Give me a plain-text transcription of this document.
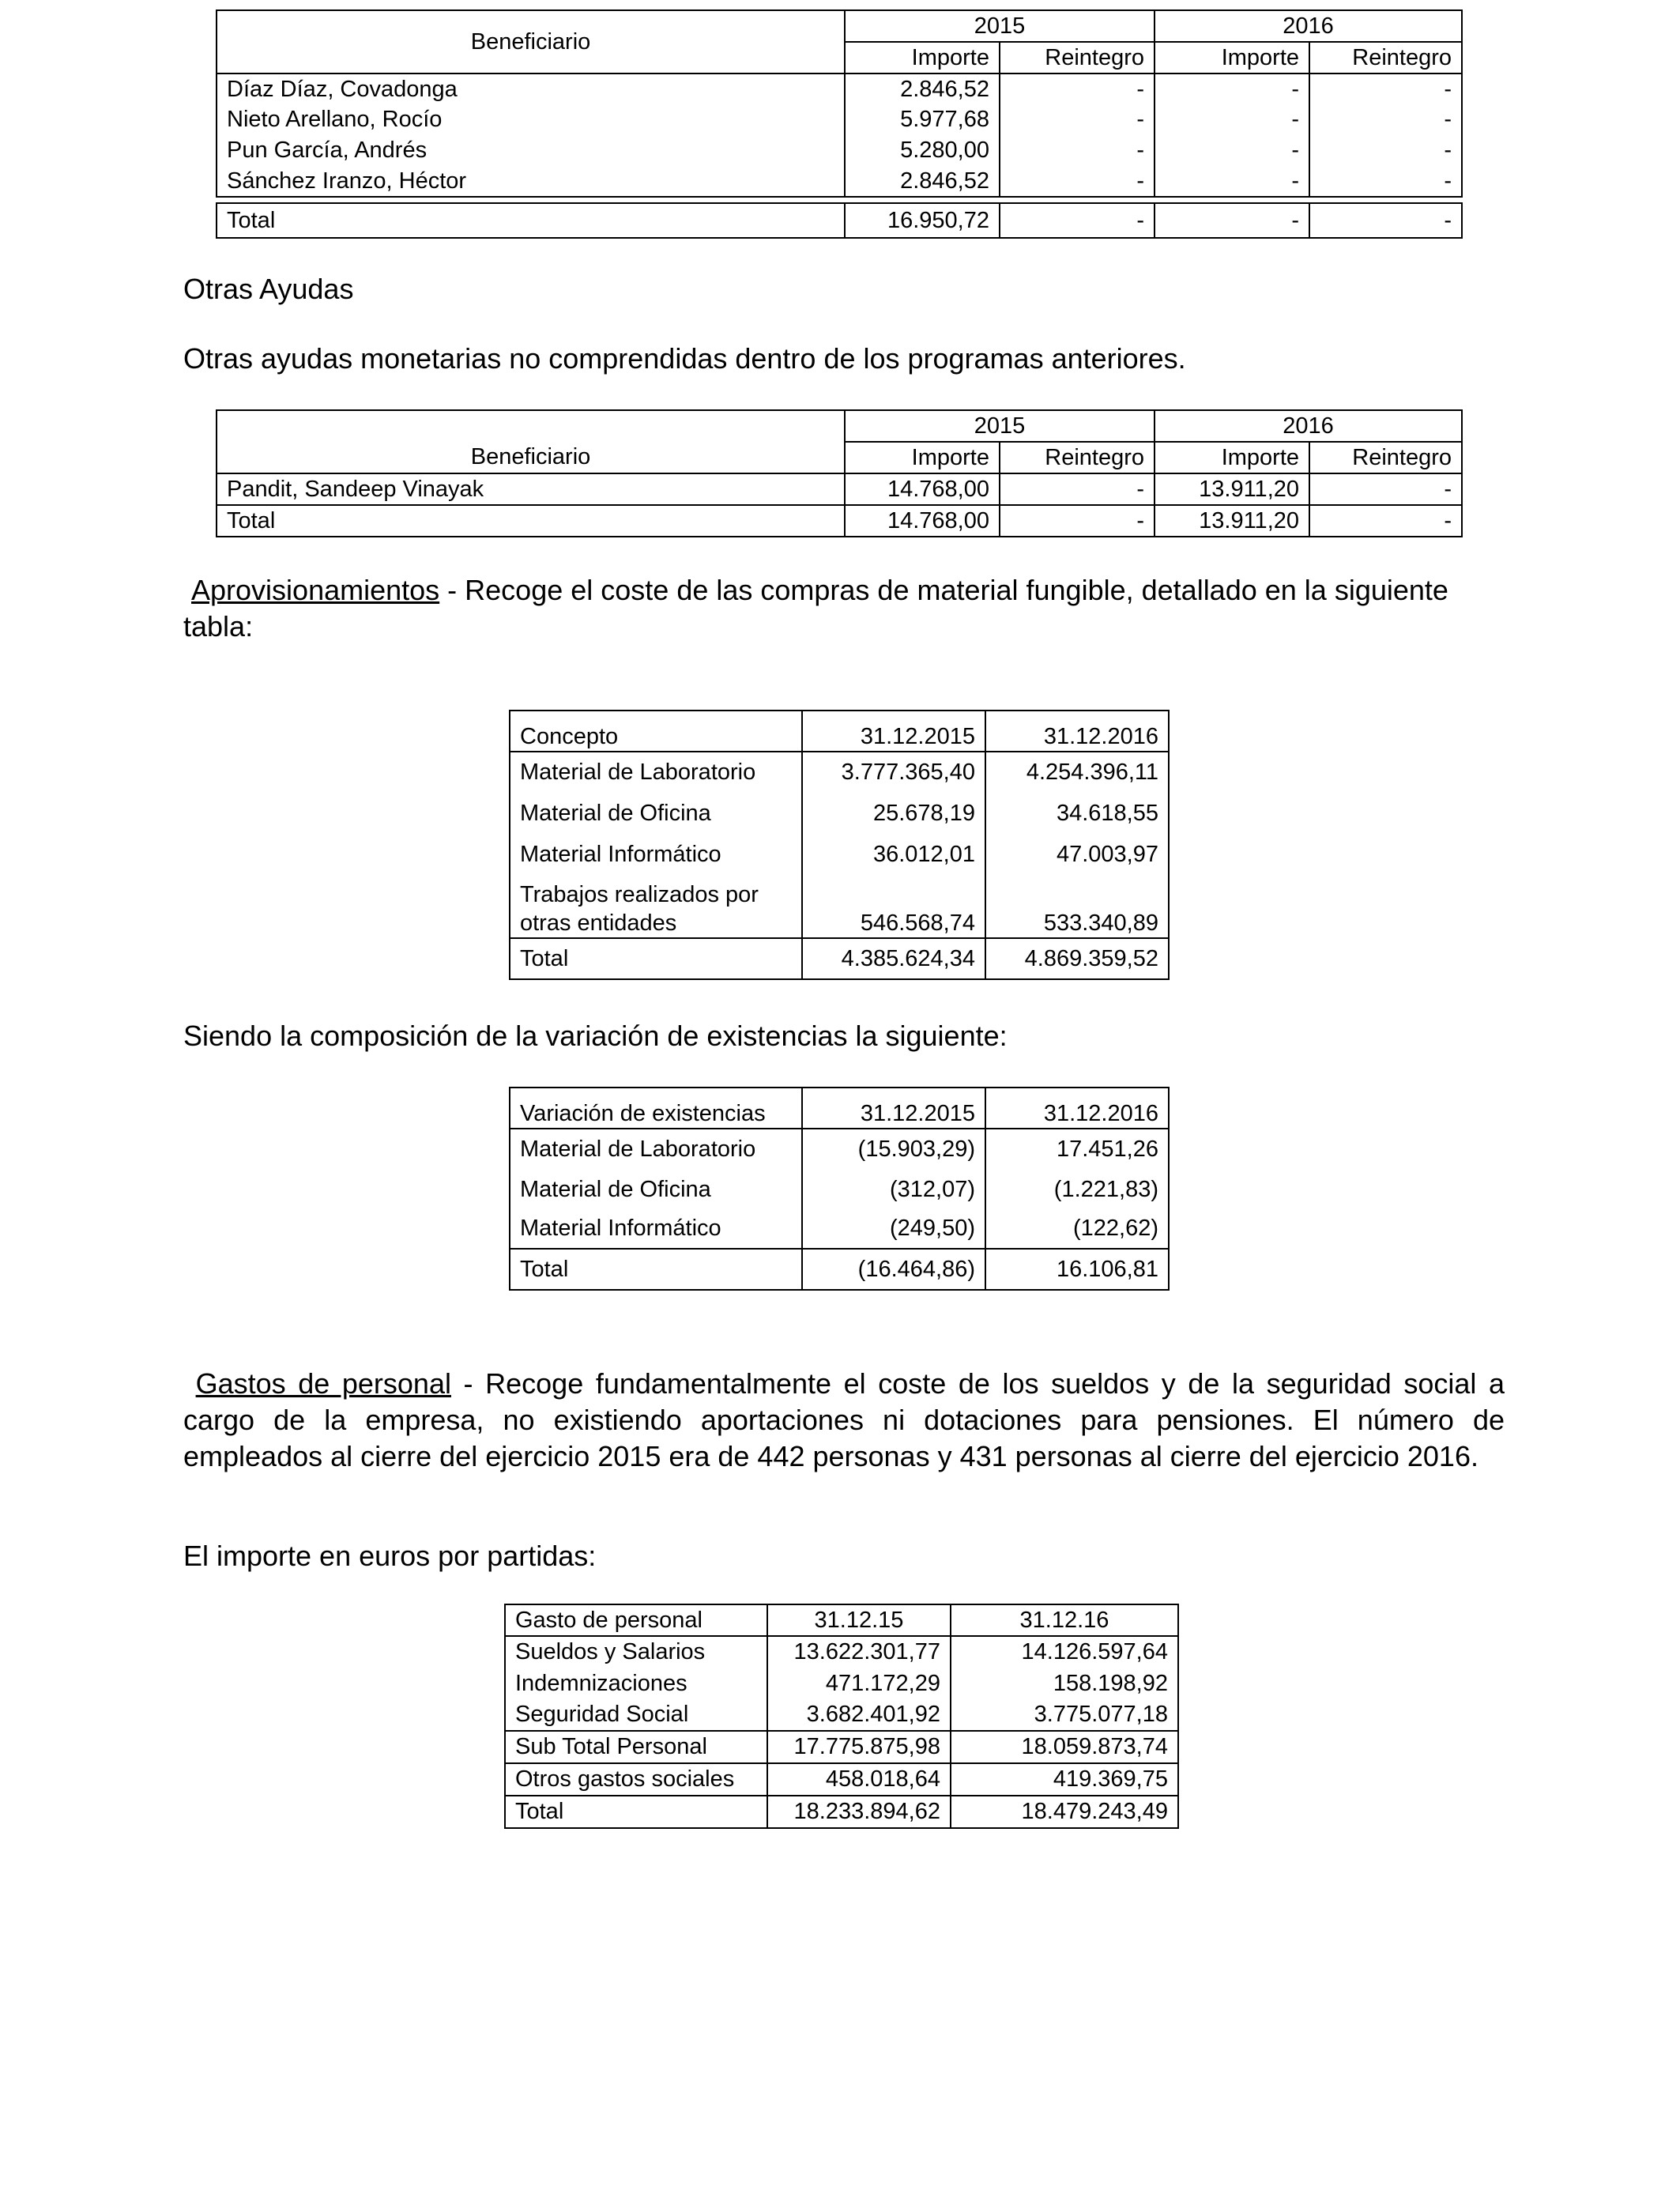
Beneficiario	2015		2016	
	Importe	Reintegro	Importe	Reintegro
Díaz Díaz, Covadonga	2.846,52	-	-	-
Nieto Arellano, Rocío	5.977,68	-	-	-
Pun García, Andrés	5.280,00	-	-	-
Sánchez Iranzo, Héctor	2.846,52	-	-	-

Total	16.950,72	-	-	-
Otras Ayudas
Otras ayudas monetarias no comprendidas dentro de los programas anteriores.
	2015		2016	
Beneficiario	Importe	Reintegro	Importe	Reintegro
Pandit, Sandeep Vinayak	14.768,00	-	13.911,20	-
Total	14.768,00	-	13.911,20	-
Aprovisionamientos - Recoge el coste de las compras de material fungible, detallado en la siguiente tabla:
Concepto	31.12.2015	31.12.2016
Material de Laboratorio	3.777.365,40	4.254.396,11
Material de Oficina	25.678,19	34.618,55
Material Informático	36.012,01	47.003,97

Trabajos realizados por
otras entidades	546.568,74	533.340,89
Total	4.385.624,34	4.869.359,52
Siendo la composición de la variación de existencias la siguiente:
Variación de existencias	31.12.2015	31.12.2016
Material de Laboratorio	(15.903,29)	17.451,26
Material de Oficina	(312,07)	(1.221,83)
Material Informático	(249,50)	(122,62)
Total	(16.464,86)	16.106,81
Gastos de personal - Recoge fundamentalmente el coste de los sueldos y de la seguridad social a cargo de la empresa, no existiendo aportaciones ni dotaciones para pensiones. El número de empleados al cierre del ejercicio 2015 era de 442 personas y 431 personas al cierre del ejercicio 2016.
El importe en euros por partidas:
Gasto de personal	31.12.15	31.12.16
Sueldos y Salarios	13.622.301,77	14.126.597,64
Indemnizaciones	471.172,29	158.198,92
Seguridad Social	3.682.401,92	3.775.077,18
Sub Total Personal	17.775.875,98	18.059.873,74
Otros gastos sociales	458.018,64	419.369,75
Total	18.233.894,62	18.479.243,49
